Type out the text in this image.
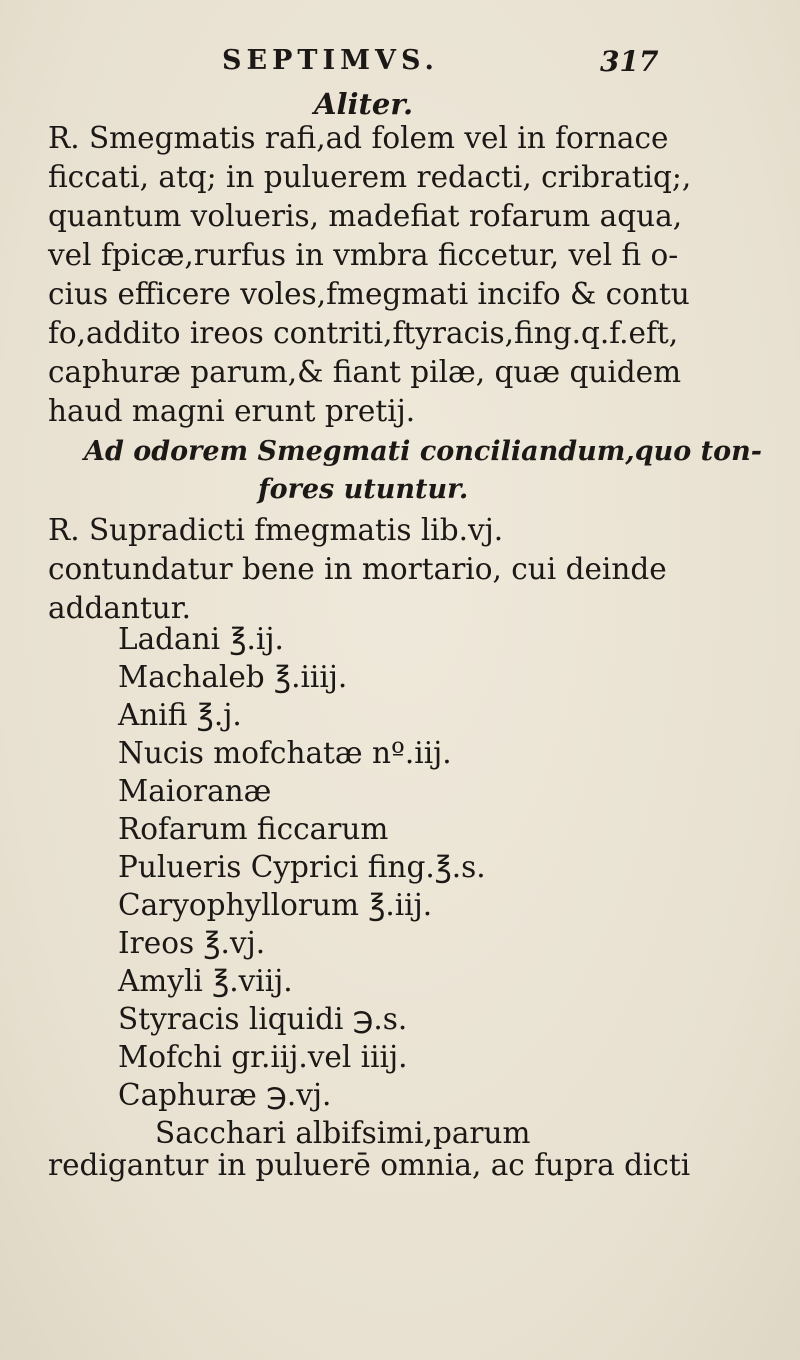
SEPTIMVS.	317
Aliter.
R. Smegmatis rafi,ad folem vel in fornace
ficcati, atq; in puluerem redacti, cribratiq;,
quantum volueris, madefiat rofarum aqua,
vel fpicæ,rurfus in vmbra ficcetur, vel fi o-
cius efficere voles,fmegmati incifo & contu
fo,addito ireos contriti,ftyracis,fing.q.f.eft,
caphuræ parum,& fiant pilæ, quæ quidem
haud magni erunt pretij.
Ad odorem Smegmati conciliandum,quo ton-
fores utuntur.
R. Supradicti fmegmatis lib.vj.
contundatur bene in mortario, cui deinde
addantur.
Ladani ℥.ij.
Machaleb ℥.iiij.
Anifi ℥.j.
Nucis mofchatæ nº.iij.
Maioranæ
Rofarum ficcarum
Pulueris Cyprici fing.℥.s.
Caryophyllorum ℥.iij.
Ireos ℥.vj.
Amyli ℥.viij.
Styracis liquidi ℈.s.
Mofchi gr.iij.vel iiij.
Caphuræ ℈.vj.
Sacchari albifsimi,parum
redigantur in puluerē omnia, ac fupra dicti
